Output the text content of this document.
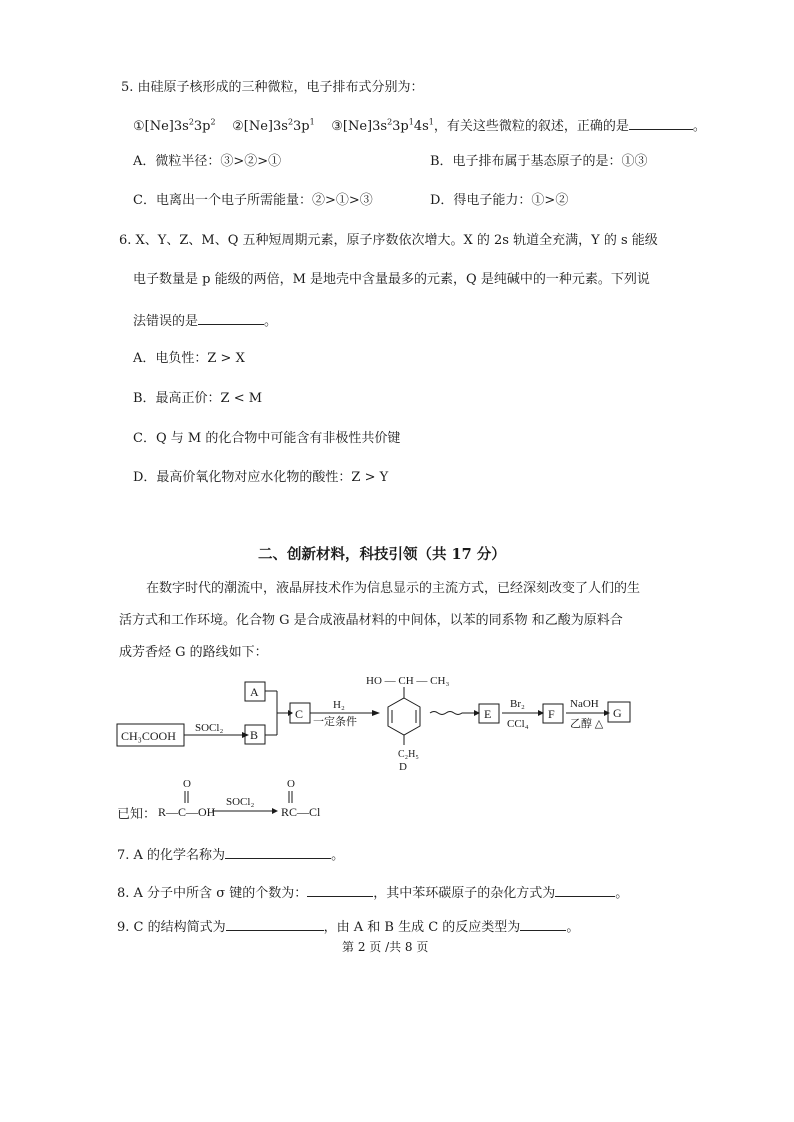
5. 由硅原子核形成的三种微粒，电子排布式分别为：
$①[Ne]3s^23p^2$ $②[Ne]3s^23p^1$ $③[Ne]3s^23p^14s^1$，有关这些微粒的叙述，正确的是	。
A．微粒半径：③>②>①	B．电子排布属于基态原子的是：①③
C．电离出一个电子所需能量：②>①>③	D．得电子能力：①>②
6. X、Y、Z、M、Q 五种短周期元素，原子序数依次增大。X 的 2s 轨道全充满，Y 的 s 能级
电子数量是 p 能级的两倍，M 是地壳中含量最多的元素，Q 是纯碱中的一种元素。下列说
法错误的是	。
A．电负性：Z > X
B．最高正价：Z < M
C．Q 与 M 的化合物中可能含有非极性共价键
D．最高价氧化物对应水化物的酸性：Z > Y
二、创新材料，科技引领（共 17 分）
在数字时代的潮流中，液晶屏技术作为信息显示的主流方式，已经深刻改变了人们的生
活方式和工作环境。化合物 G 是合成液晶材料的中间体，以苯的同系物 和乙酸为原料合
成芳香烃 G 的路线如下：
CH₃COOH
SOCl₂
A
B
C
H₂
一定条件
HO — CH — CH₃
C₂H₅
D
E
Br₂
CCl₄
F
NaOH
乙醇 △
G
已知： R—C—OH
O
SOCl₂
RC—Cl
O
7. A 的化学名称为	。
8. A 分子中所含 σ 键的个数为：	，其中苯环碳原子的杂化方式为	。
9. C 的结构简式为	，由 A 和 B 生成 C 的反应类型为	。
第 2 页 /共 8 页
